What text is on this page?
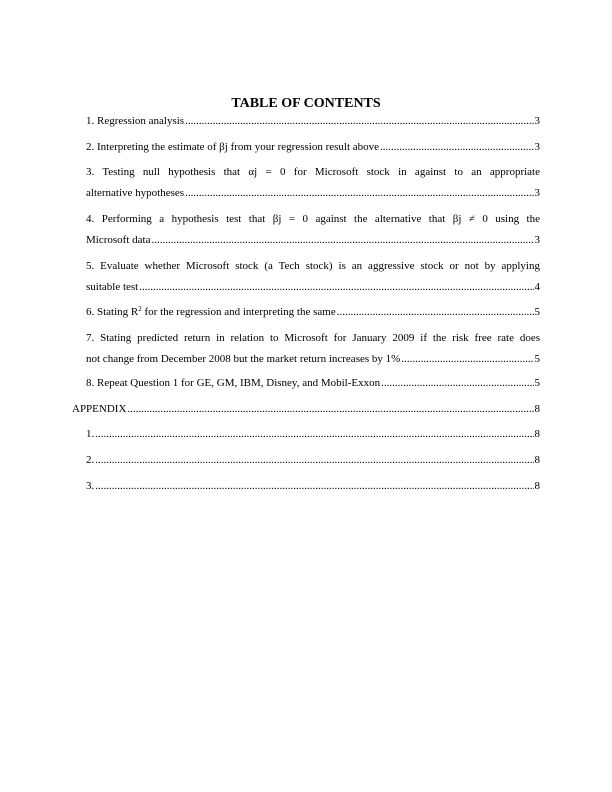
TABLE OF CONTENTS
1. Regression analysis .....	3
2. Interpreting the estimate of βj from your regression result above .....	3
3. Testing null hypothesis that αj = 0 for Microsoft stock in against to an appropriate
alternative hypotheses .....	3
4. Performing a hypothesis test that βj = 0 against the alternative that βj ≠ 0 using the
Microsoft data .....	3
5. Evaluate whether Microsoft stock (a Tech stock) is an aggressive stock or not by applying
suitable test .....	4
6. Stating $R^2$ for the regression and interpreting the same .....	5
7. Stating predicted return in relation to Microsoft for January 2009 if the risk free rate does
not change from December 2008 but the market return increases by 1% .....	5
8. Repeat Question 1 for GE, GM, IBM, Disney, and Mobil-Exxon .....	5
APPENDIX .....	8
1. .....	8
2. .....	8
3. .....	8
